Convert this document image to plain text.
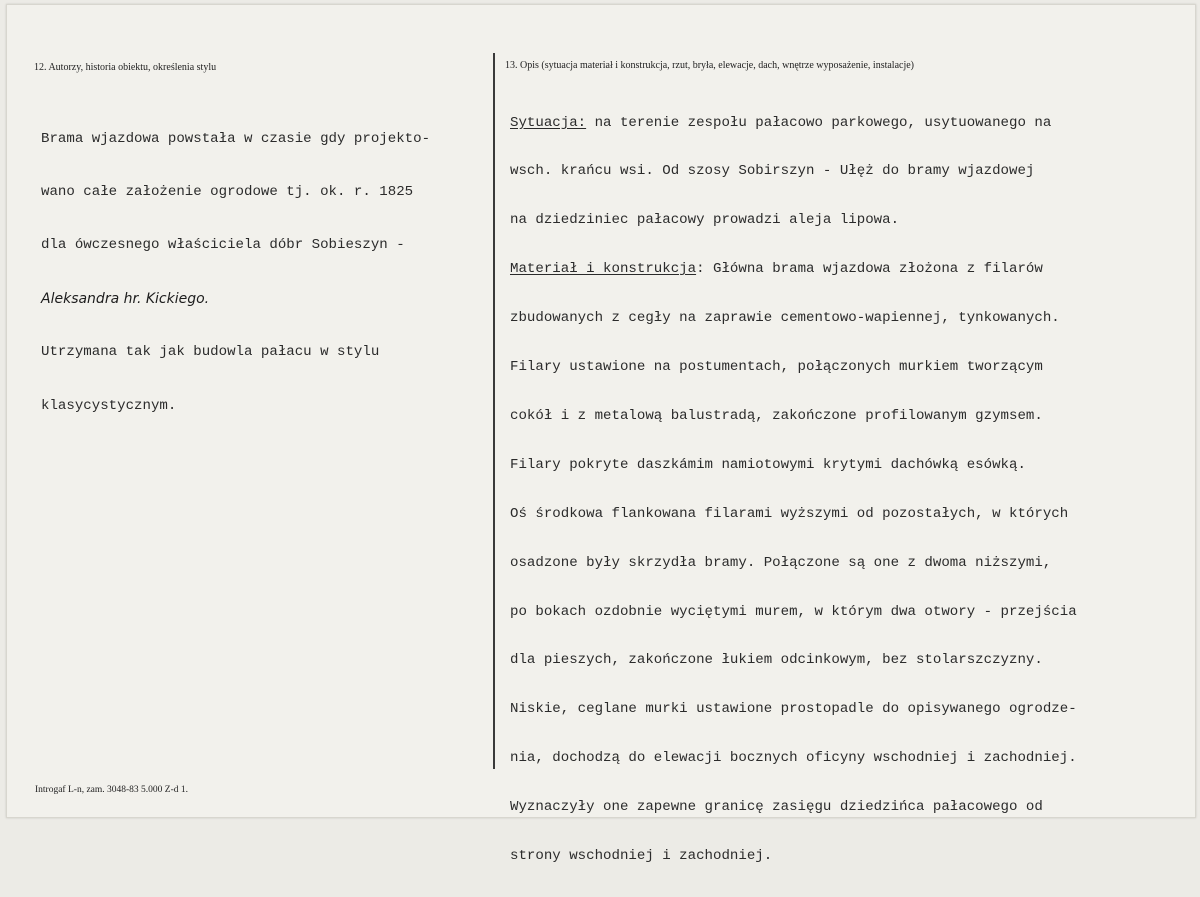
12. Autorzy, historia obiektu, określenia stylu	13. Opis (sytuacja materiał i konstrukcja, rzut, bryła, elewacje, dach, wnętrze wyposażenie, instalacje)

Brama wjazdowa powstała w czasie gdy projekto-

wano całe założenie ogrodowe tj. ok. r. 1825

dla ówczesnego właściciela dóbr Sobieszyn -

Aleksandra hr. Kickiego.

Utrzymana tak jak budowla pałacu w stylu

klasycystycznym.

Sytuacja: na terenie zespołu pałacowo parkowego, usytuowanego na

wsch. krańcu wsi. Od szosy Sobirszyn - Ułęż do bramy wjazdowej

na dziedziniec pałacowy prowadzi aleja lipowa.

Materiał i konstrukcja: Główna brama wjazdowa złożona z filarów

zbudowanych z cegły na zaprawie cementowo-wapiennej, tynkowanych.

Filary ustawione na postumentach, połączonych murkiem tworzącym

cokół i z metalową balustradą, zakończone profilowanym gzymsem.

Filary pokryte daszkámim namiotowymi krytymi dachówką esówką.

Oś środkowa flankowana filarami wyższymi od pozostałych, w których

osadzone były skrzydła bramy. Połączone są one z dwoma niższymi,

po bokach ozdobnie wyciętymi murem, w którym dwa otwory - przejścia

dla pieszych, zakończone łukiem odcinkowym, bez stolarszczyzny.

Niskie, ceglane murki ustawione prostopadle do opisywanego ogrodze-

nia, dochodzą do elewacji bocznych oficyny wschodniej i zachodniej.

Wyznaczyły one zapewne granicę zasięgu dziedzińca pałacowego od

strony wschodniej i zachodniej.

Introgaf L-n, zam. 3048-83 5.000 Z-d 1.
